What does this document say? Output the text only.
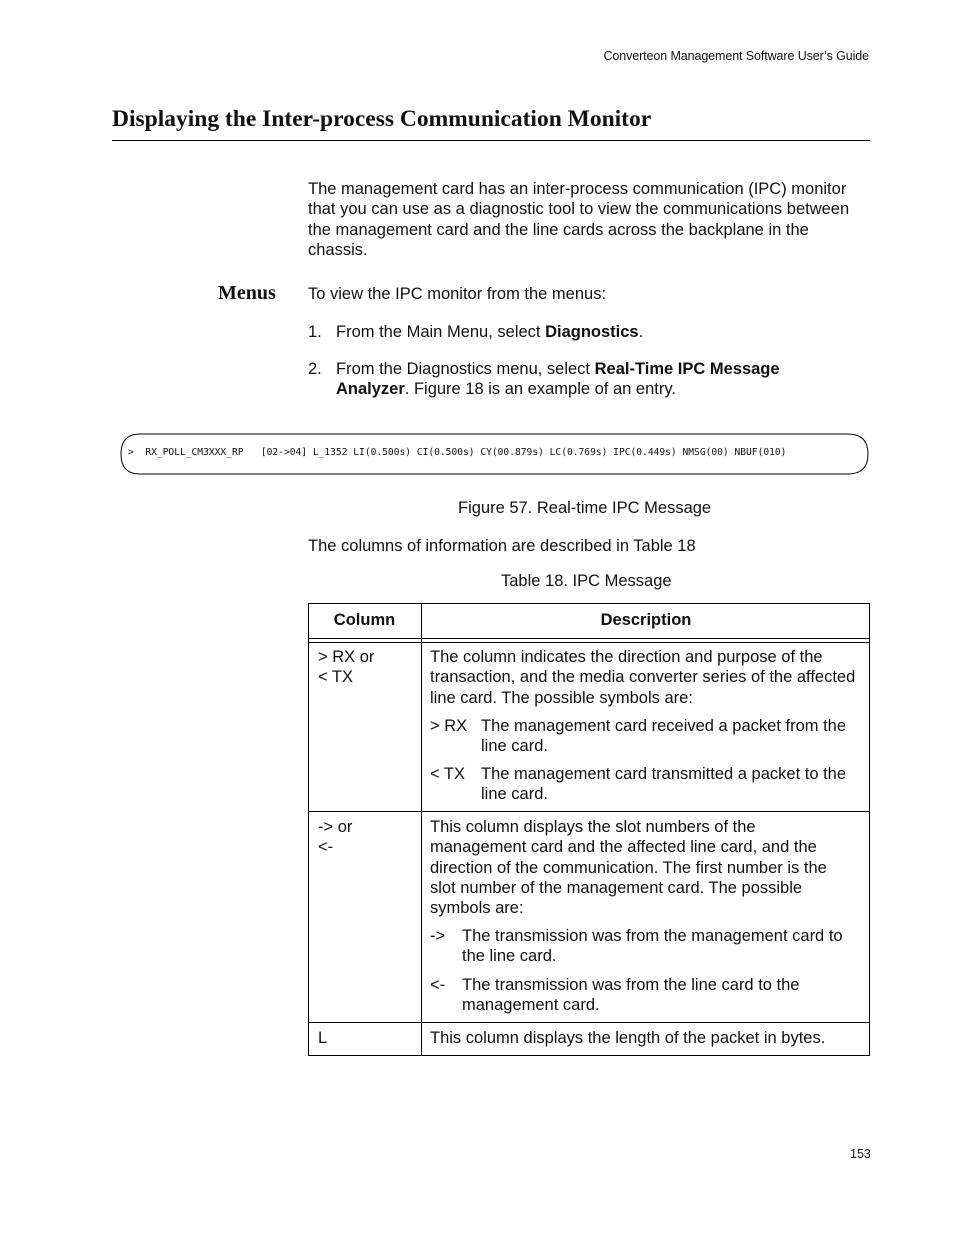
Converteon Management Software User’s Guide
Displaying the Inter-process Communication Monitor
The management card has an inter-process communication (IPC) monitor that you can use as a diagnostic tool to view the communications between the management card and the line cards across the backplane in the chassis.
Menus To view the IPC monitor from the menus:
1. From the Main Menu, select Diagnostics.
2. From the Diagnostics menu, select Real-Time IPC Message Analyzer. Figure 18 is an example of an entry.
>  RX_POLL_CM3XXX_RP   [02->04] L_1352 LI(0.500s) CI(0.500s) CY(00.879s) LC(0.769s) IPC(0.449s) NMSG(00) NBUF(010)
Figure 57. Real-time IPC Message
The columns of information are described in Table 18
Table 18. IPC Message
Column	Description
> RX or
< TX
The column indicates the direction and purpose of the transaction, and the media converter series of the affected line card. The possible symbols are:
> RX The management card received a packet from the line card.
< TX The management card transmitted a packet to the line card.
-> or
<-
This column displays the slot numbers of the management card and the affected line card, and the direction of the communication. The first number is the slot number of the management card. The possible symbols are:
-> The transmission was from the management card to the line card.
<- The transmission was from the line card to the management card.
L	This column displays the length of the packet in bytes.
153
